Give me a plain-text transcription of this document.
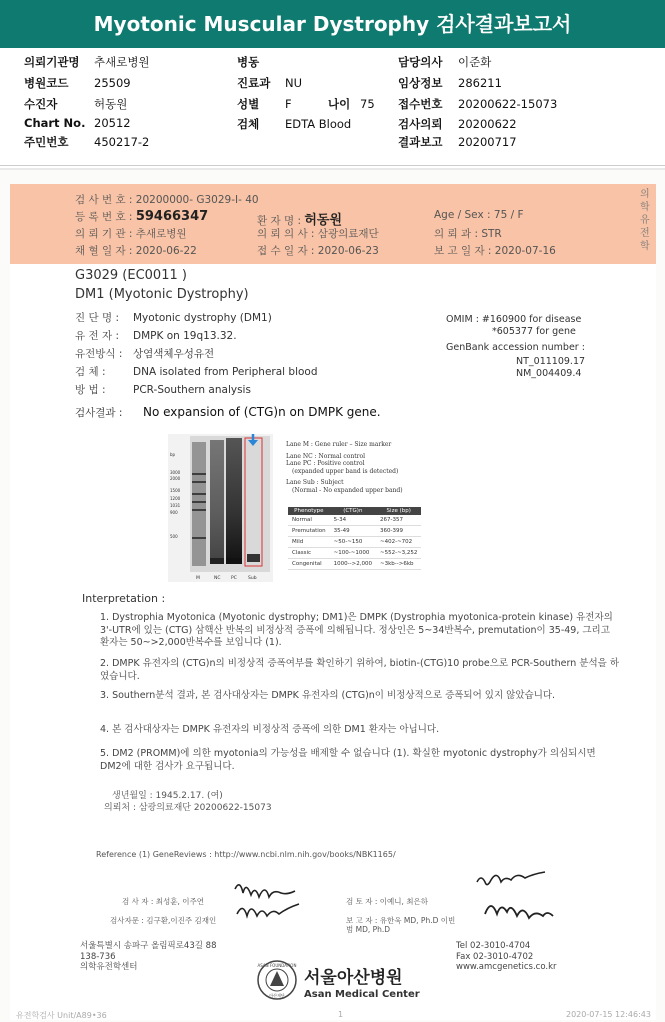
Myotonic Muscular Dystrophy 검사결과보고서
의뢰기관명 추새로병원
병원코드 25509
수진자	허동원
Chart No. 20512
주민번호 450217-2
병동
진료과 NU
성별 F	나이 75
검체 EDTA Blood
담당의사 이준화
임상정보 286211
접수번호 20200622-15073
검사의뢰 20200622
결과보고 20200717
검 사 번 호 : 20200000- G3029-I- 40
등 록 번 호 : 59466347	환 자 명 : 허동원	Age / Sex : 75 / F
의 뢰 기 관 : 추새로병원	의 뢰 의 사 : 삼광의료재단	의 뢰 과 : STR
채 혈 일 자 : 2020-06-22	접 수 일 자 : 2020-06-23	보 고 일 자 : 2020-07-16
의학유전학
G3029 (EC0011 )
DM1 (Myotonic Dystrophy)
진 단 명 : Myotonic dystrophy (DM1)
유 전 자 : DMPK on 19q13.32.
유전방식 : 상염색체우성유전
검 체 :	DNA isolated from Peripheral blood
방 법 :	PCR-Southern analysis
OMIM : #160900 for disease
*605377 for gene
GenBank accession number :
NT_011109.17
NM_004409.4
검사결과 : No expansion of (CTG)n on DMPK gene.
bp
3000
2000
1500
1200
1031
900
500
M	NC PC Sub
Lane M : Gene ruler – Size marker
Lane NC : Normal control
Lane PC : Positive control
(expanded upper band is detected)
Lane Sub : Subject
(Normal - No expanded upper band)
Phenotype	(CTG)n	Size (bp)
Normal	5-34	267-357
Premutation	35-49	360-399
Mild	~50-~150	~402-~702
Classic	~100-~1000	~552-~3,252
Congenital	1000-->2,000	~3kb-->6kb
Interpretation :
1. Dystrophia Myotonica (Myotonic dystrophy; DM1)은 DMPK (Dystrophia myotonica-protein kinase) 유전자의 3'-UTR에 있는 (CTG) 삼핵산 반복의 비정상적 증폭에 의해됩니다. 정상인은 5~34반복수, premutation이 35-49, 그리고 환자는 50~>2,000반복수를 보입니다 (1).
2. DMPK 유전자의 (CTG)n의 비정상적 증폭여부를 확인하기 위하여, biotin-(CTG)10 probe으로 PCR-Southern 분석을 하였습니다.
3. Southern분석 결과, 본 검사대상자는 DMPK 유전자의 (CTG)n이 비정상적으로 증폭되어 있지 않았습니다.
4. 본 검사대상자는 DMPK 유전자의 비정상적 증폭에 의한 DM1 환자는 아닙니다.
5. DM2 (PROMM)에 의한 myotonia의 가능성을 배제할 수 없습니다 (1). 확실한 myotonic dystrophy가 의심되시면 DM2에 대한 검사가 요구됩니다.
생년월일 : 1945.2.17. (여)
의뢰처 : 삼광의료재단 20200622-15073
Reference (1) GeneReviews : http://www.ncbi.nlm.nih.gov/books/NBK1165/
검 사 자 : 최성훈, 이주연	검 토 자 : 이예니, 최은하
검사자문 : 김구환,이진주 김재인	보 고 자 : 유한욱 MD, Ph.D 이빈범 MD, Ph.D
서울특별시 송파구 올림픽로43길 88
138-736
의학유전학센터
Tel 02-3010-4704
Fax 02-3010-4702
www.amcgenetics.co.kr
ASAN FOUNDATION
아산재단
서울아산병원
Asan Medical Center
유전학검사 Unit/A89•36	1	2020-07-15 12:46:43
